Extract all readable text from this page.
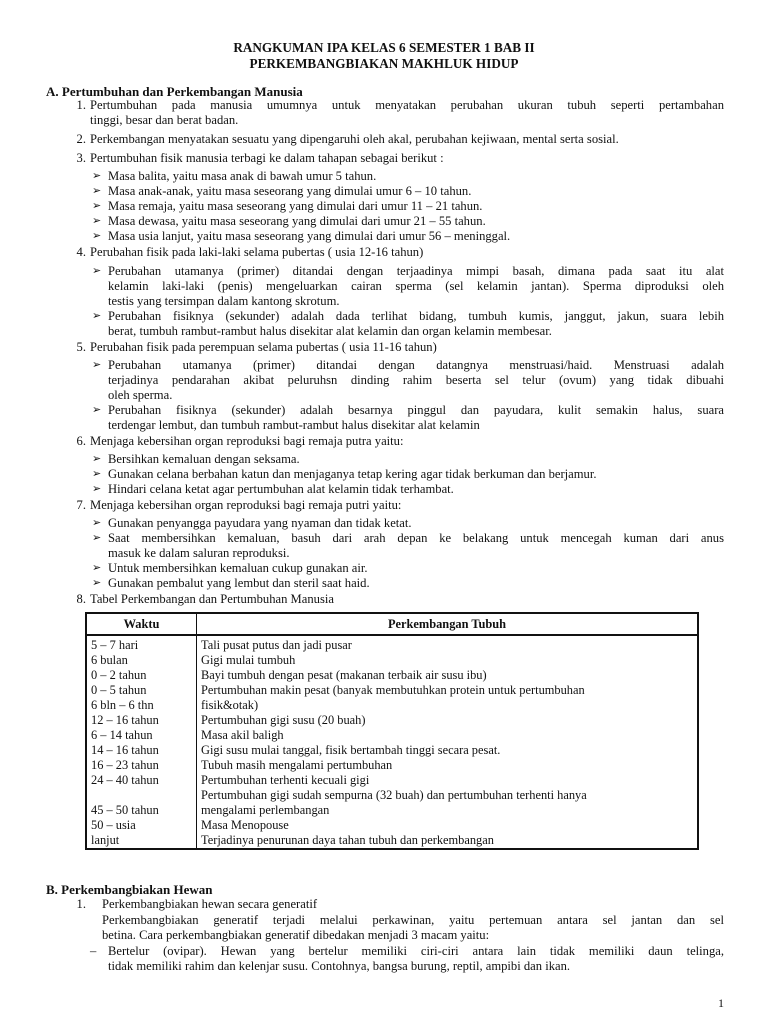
RANGKUMAN IPA KELAS 6 SEMESTER 1 BAB II
PERKEMBANGBIAKAN MAKHLUK HIDUP
A. Pertumbuhan dan Perkembangan Manusia
1. Pertumbuhan pada manusia umumnya untuk menyatakan perubahan ukuran tubuh seperti pertambahan
tinggi, besar dan berat badan.
2. Perkembangan menyatakan sesuatu yang dipengaruhi oleh akal, perubahan kejiwaan, mental serta sosial.
3. Pertumbuhan fisik manusia terbagi ke dalam tahapan sebagai berikut :
➢ Masa balita, yaitu masa anak di bawah umur 5 tahun.
➢ Masa anak-anak, yaitu masa seseorang yang dimulai umur 6 – 10 tahun.
➢ Masa remaja, yaitu masa seseorang yang dimulai dari umur 11 – 21 tahun.
➢ Masa dewasa, yaitu masa seseorang yang dimulai dari umur 21 – 55 tahun.
➢ Masa usia lanjut, yaitu masa seseorang yang dimulai dari umur 56 – meninggal.
4. Perubahan fisik pada laki-laki selama pubertas ( usia 12-16 tahun)
➢ Perubahan utamanya (primer) ditandai dengan terjaadinya mimpi basah, dimana pada saat itu alat
kelamin laki-laki (penis) mengeluarkan cairan sperma (sel kelamin jantan). Sperma diproduksi oleh
testis yang tersimpan dalam kantong skrotum.
➢ Perubahan fisiknya (sekunder) adalah dada terlihat bidang, tumbuh kumis, janggut, jakun, suara lebih
berat, tumbuh rambut-rambut halus disekitar alat kelamin dan organ kelamin membesar.
5. Perubahan fisik pada perempuan selama pubertas ( usia 11-16 tahun)
➢ Perubahan utamanya (primer) ditandai dengan datangnya menstruasi/haid. Menstruasi adalah
terjadinya pendarahan akibat peluruhsn dinding rahim beserta sel telur (ovum) yang tidak dibuahi
oleh sperma.
➢ Perubahan fisiknya (sekunder) adalah besarnya pinggul dan payudara, kulit semakin halus, suara
terdengar lembut, dan tumbuh rambut-rambut halus disekitar alat kelamin
6. Menjaga kebersihan organ reproduksi bagi remaja putra yaitu:
➢ Bersihkan kemaluan dengan seksama.
➢ Gunakan celana berbahan katun dan menjaganya tetap kering agar tidak berkuman dan berjamur.
➢ Hindari celana ketat agar pertumbuhan alat kelamin tidak terhambat.
7. Menjaga kebersihan organ reproduksi bagi remaja putri yaitu:
➢ Gunakan penyangga payudara yang nyaman dan tidak ketat.
➢ Saat membersihkan kemaluan, basuh dari arah depan ke belakang untuk mencegah kuman dari anus
masuk ke dalam saluran reproduksi.
➢ Untuk membersihkan kemaluan cukup gunakan air.
➢ Gunakan pembalut yang lembut dan steril saat haid.
8. Tabel Perkembangan dan Pertumbuhan Manusia
Waktu	Perkembangan Tubuh
5 – 7 hari	Tali pusat putus dan jadi pusar
6 bulan	Gigi mulai tumbuh
0 – 2 tahun	Bayi tumbuh dengan pesat (makanan terbaik air susu ibu)
0 – 5 tahun	Pertumbuhan makin pesat (banyak membutuhkan protein untuk pertumbuhan
6 bln – 6 thn	fisik&otak)
12 – 16 tahun	Pertumbuhan gigi susu (20 buah)
6 – 14 tahun	Masa akil baligh
14 – 16 tahun	Gigi susu mulai tanggal, fisik bertambah tinggi secara pesat.
16 – 23 tahun	Tubuh masih mengalami pertumbuhan
24 – 40 tahun	Pertumbuhan terhenti kecuali gigi
	Pertumbuhan gigi sudah sempurna (32 buah) dan pertumbuhan terhenti hanya
45 – 50 tahun	mengalami perlembangan
50 – usia	Masa Menopouse
lanjut	Terjadinya penurunan daya tahan tubuh dan perkembangan
B. Perkembangbiakan Hewan
1. Perkembangbiakan hewan secara generatif
Perkembangbiakan generatif terjadi melalui perkawinan, yaitu pertemuan antara sel jantan dan sel
betina. Cara perkembangbiakan generatif dibedakan menjadi 3 macam yaitu:
– Bertelur (ovipar). Hewan yang bertelur memiliki ciri-ciri antara lain tidak memiliki daun telinga,
tidak memiliki rahim dan kelenjar susu. Contohnya, bangsa burung, reptil, ampibi dan ikan.
1
